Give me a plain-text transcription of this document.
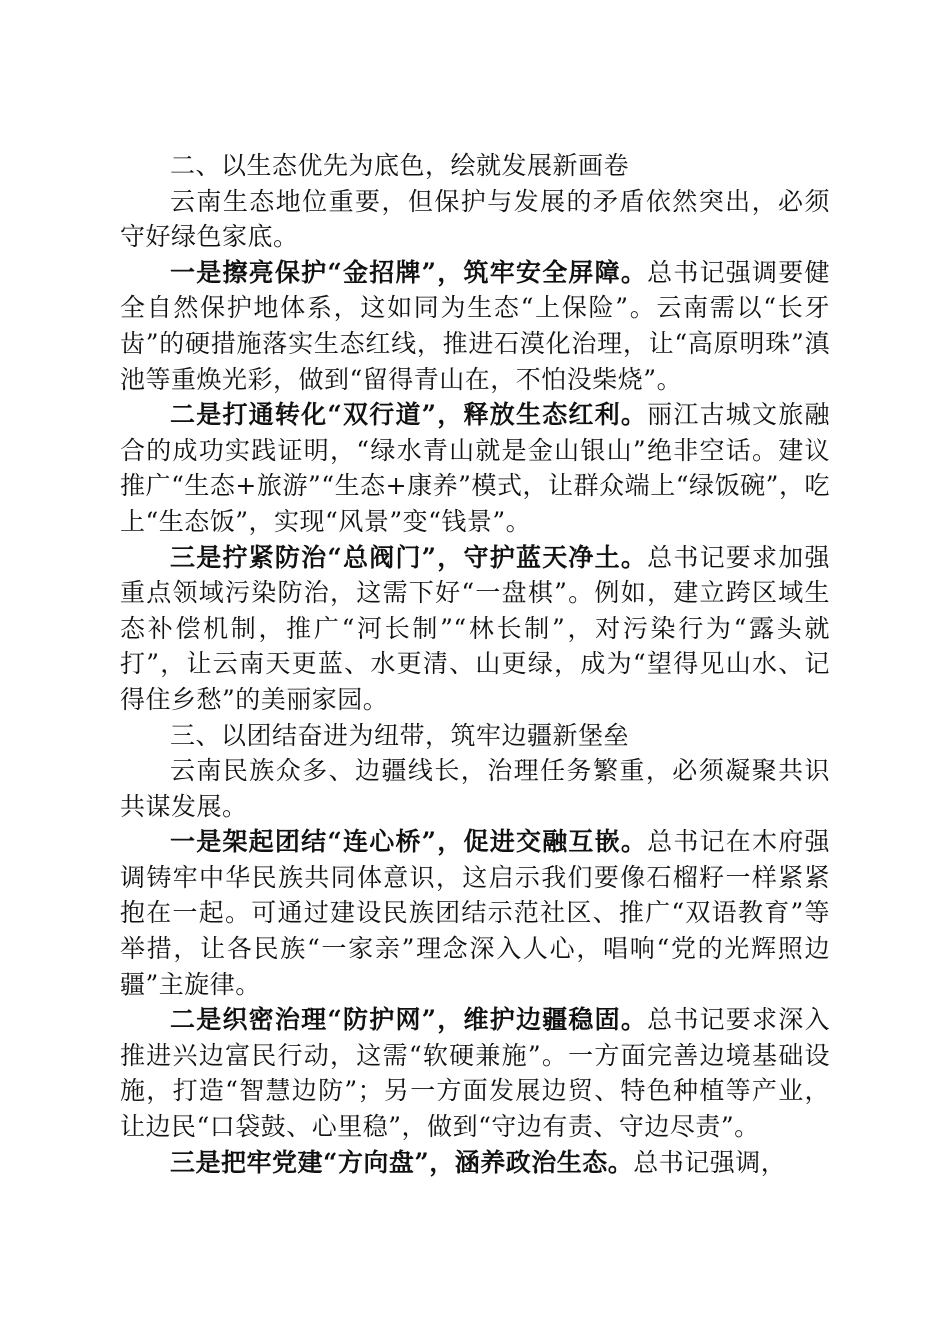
二、以生态优先为底色，绘就发展新画卷

云南生态地位重要，但保护与发展的矛盾依然突出，必须守好绿色家底。

一是擦亮保护“金招牌”，筑牢安全屏障。总书记强调要健全自然保护地体系，这如同为生态“上保险”。云南需以“长牙齿”的硬措施落实生态红线，推进石漠化治理，让“高原明珠”滇池等重焕光彩，做到“留得青山在，不怕没柴烧”。

二是打通转化“双行道”，释放生态红利。丽江古城文旅融合的成功实践证明，“绿水青山就是金山银山”绝非空话。建议推广“生态+旅游”“生态+康养”模式，让群众端上“绿饭碗”，吃上“生态饭”，实现“风景”变“钱景”。

三是拧紧防治“总阀门”，守护蓝天净土。总书记要求加强重点领域污染防治，这需下好“一盘棋”。例如，建立跨区域生态补偿机制，推广“河长制”“林长制”，对污染行为“露头就打”，让云南天更蓝、水更清、山更绿，成为“望得见山水、记得住乡愁”的美丽家园。

三、以团结奋进为纽带，筑牢边疆新堡垒

云南民族众多、边疆线长，治理任务繁重，必须凝聚共识共谋发展。

一是架起团结“连心桥”，促进交融互嵌。总书记在木府强调铸牢中华民族共同体意识，这启示我们要像石榴籽一样紧紧抱在一起。可通过建设民族团结示范社区、推广“双语教育”等举措，让各民族“一家亲”理念深入人心，唱响“党的光辉照边疆”主旋律。

二是织密治理“防护网”，维护边疆稳固。总书记要求深入推进兴边富民行动，这需“软硬兼施”。一方面完善边境基础设施，打造“智慧边防”；另一方面发展边贸、特色种植等产业，让边民“口袋鼓、心里稳”，做到“守边有责、守边尽责”。

三是把牢党建“方向盘”，涵养政治生态。总书记强调，
